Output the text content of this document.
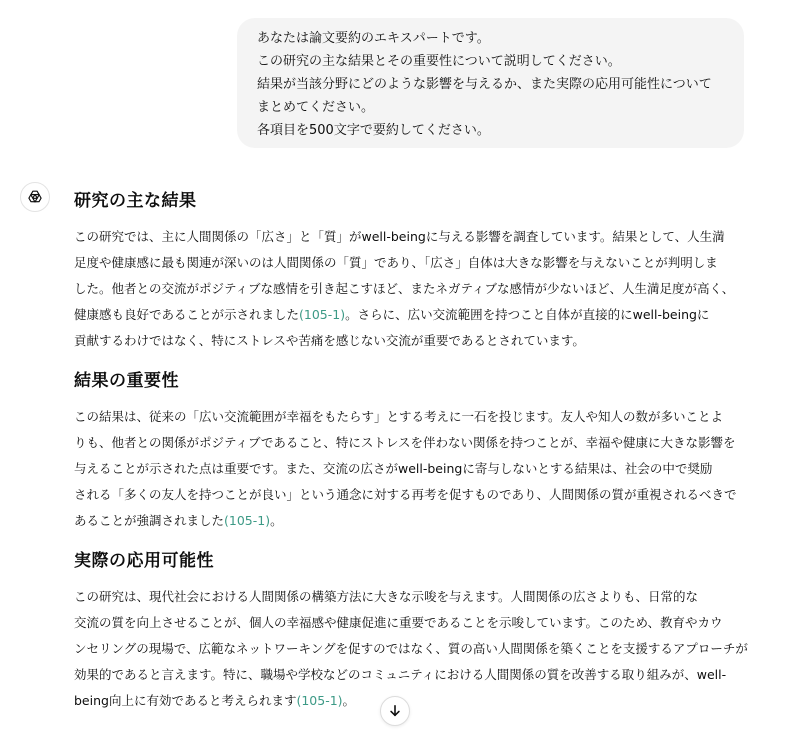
あなたは論文要約のエキスパートです。
この研究の主な結果とその重要性について説明してください。
結果が当該分野にどのような影響を与えるか、また実際の応用可能性について
まとめてください。
各項目を500文字で要約してください。
研究の主な結果
この研究では、主に人間関係の「広さ」と「質」がwell-beingに与える影響を調査しています。結果として、人生満
足度や健康感に最も関連が深いのは人間関係の「質」であり、「広さ」自体は大きな影響を与えないことが判明しま
した。他者との交流がポジティブな感情を引き起こすほど、またネガティブな感情が少ないほど、人生満足度が高く、
健康感も良好であることが示されました(105-1)。さらに、広い交流範囲を持つこと自体が直接的にwell-beingに
貢献するわけではなく、特にストレスや苦痛を感じない交流が重要であるとされています。
結果の重要性
この結果は、従来の「広い交流範囲が幸福をもたらす」とする考えに一石を投じます。友人や知人の数が多いことよ
りも、他者との関係がポジティブであること、特にストレスを伴わない関係を持つことが、幸福や健康に大きな影響を
与えることが示された点は重要です。また、交流の広さがwell-beingに寄与しないとする結果は、社会の中で奨励
される「多くの友人を持つことが良い」という通念に対する再考を促すものであり、人間関係の質が重視されるべきで
あることが強調されました(105-1)。
実際の応用可能性
この研究は、現代社会における人間関係の構築方法に大きな示唆を与えます。人間関係の広さよりも、日常的な
交流の質を向上させることが、個人の幸福感や健康促進に重要であることを示唆しています。このため、教育やカウ
ンセリングの現場で、広範なネットワーキングを促すのではなく、質の高い人間関係を築くことを支援するアプローチが
効果的であると言えます。特に、職場や学校などのコミュニティにおける人間関係の質を改善する取り組みが、well-
being向上に有効であると考えられます(105-1)。
